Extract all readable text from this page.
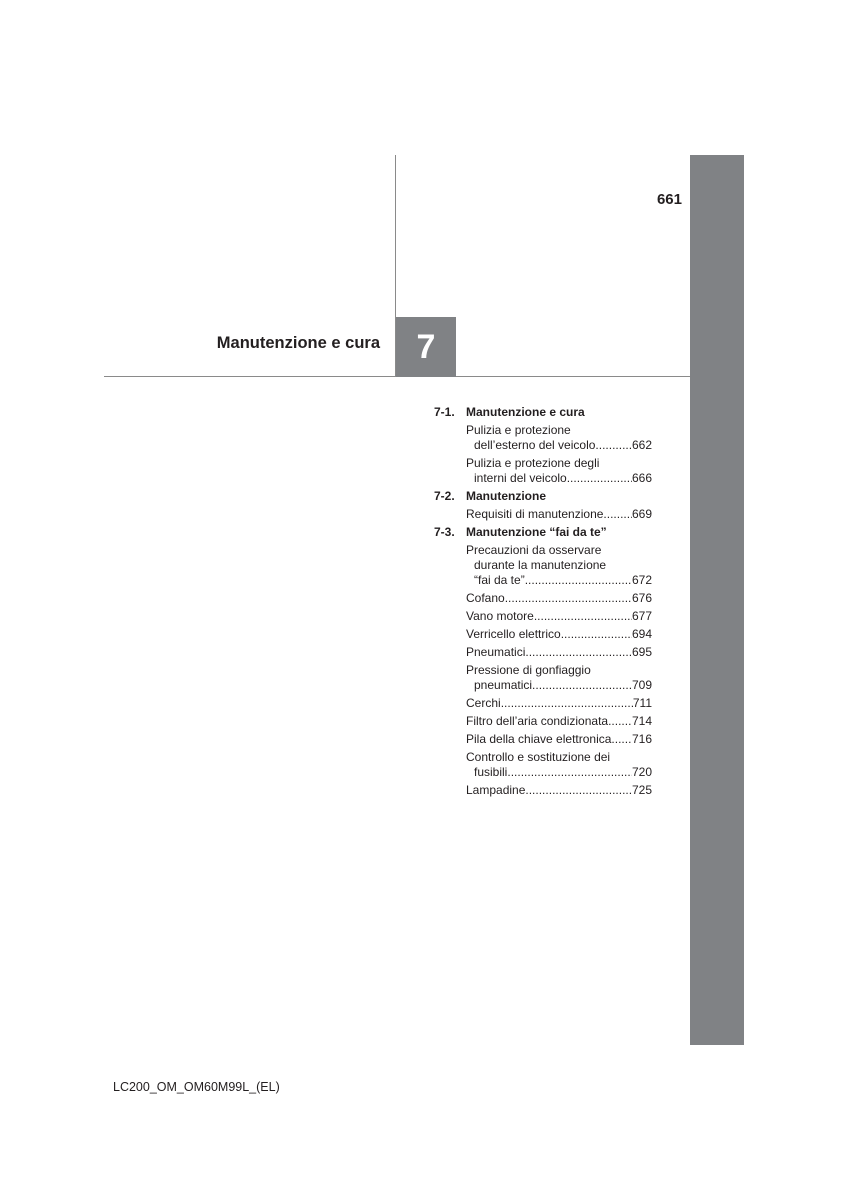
661
Manutenzione e cura 7
7-1. Manutenzione e cura
Pulizia e protezione
dell’esterno del veicolo .....	662
Pulizia e protezione degli
interni del veicolo .....	666
7-2. Manutenzione
Requisiti di manutenzione ..... 669
7-3. Manutenzione “fai da te”
Precauzioni da osservare
durante la manutenzione
“fai da te” .....	672
Cofano .....	676
Vano motore .....	677
Verricello elettrico .....	694
Pneumatici .....	695
Pressione di gonfiaggio
pneumatici .....	709
Cerchi .....	711
Filtro dell’aria condizionata ..... 714
Pila della chiave elettronica ..... 716
Controllo e sostituzione dei
fusibili .....	720
Lampadine .....	725
LC200_OM_OM60M99L_(EL)
